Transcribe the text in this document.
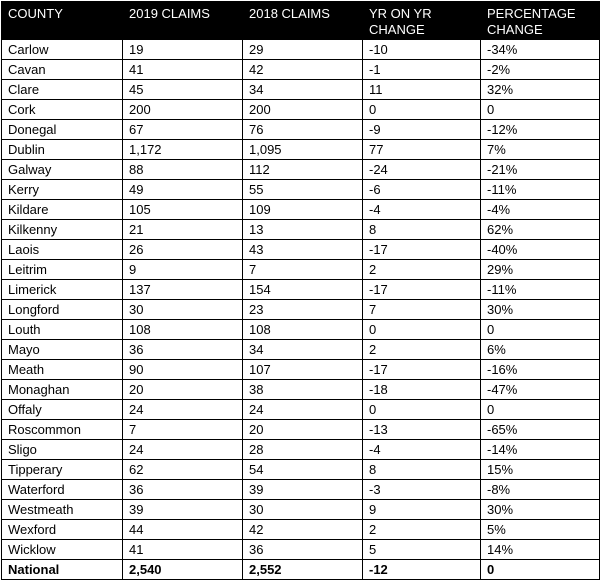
COUNTY	2019 CLAIMS	2018 CLAIMS	YR ON YR CHANGE	PERCENTAGE CHANGE
Carlow	19	29	-10	-34%
Cavan	41	42	-1	-2%
Clare	45	34	11	32%
Cork	200	200	0	0
Donegal	67	76	-9	-12%
Dublin	1,172	1,095	77	7%
Galway	88	112	-24	-21%
Kerry	49	55	-6	-11%
Kildare	105	109	-4	-4%
Kilkenny	21	13	8	62%
Laois	26	43	-17	-40%
Leitrim	9	7	2	29%
Limerick	137	154	-17	-11%
Longford	30	23	7	30%
Louth	108	108	0	0
Mayo	36	34	2	6%
Meath	90	107	-17	-16%
Monaghan	20	38	-18	-47%
Offaly	24	24	0	0
Roscommon	7	20	-13	-65%
Sligo	24	28	-4	-14%
Tipperary	62	54	8	15%
Waterford	36	39	-3	-8%
Westmeath	39	30	9	30%
Wexford	44	42	2	5%
Wicklow	41	36	5	14%
National	2,540	2,552	-12	0
